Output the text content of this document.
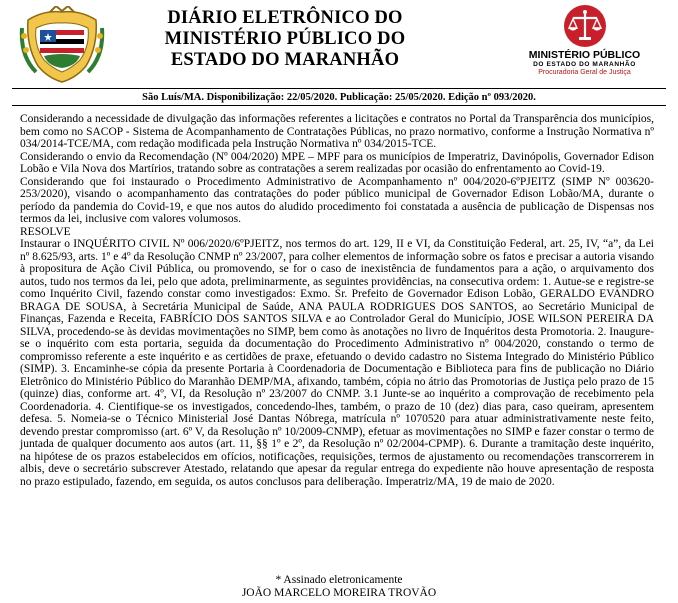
DIÁRIO ELETRÔNICO DO
MINISTÉRIO PÚBLICO DO
ESTADO DO MARANHÃO	MINISTÉRIO PÚBLICO
DO ESTADO DO MARANHÃO
Procuradoria Geral de Justiça
São Luís/MA. Disponibilização: 22/05/2020. Publicação: 25/05/2020. Edição nº 093/2020.

Considerando a necessidade de divulgação das informações referentes a licitações e contratos no Portal da Transparência dos municípios, bem como no SACOP - Sistema de Acompanhamento de Contratações Públicas, no prazo normativo, conforme a Instrução Normativa nº 034/2014-TCE/MA, com redação modificada pela Instrução Normativa nº 034/2015-TCE.

Considerando o envio da Recomendação (Nº 004/2020) MPE – MPF para os municípios de Imperatriz, Davinópolis, Governador Edison Lobão e Vila Nova dos Martírios, tratando sobre as contratações a serem realizadas por ocasião do enfrentamento ao Covid-19.

Considerando que foi instaurado o Procedimento Administrativo de Acompanhamento nº 004/2020-6ºPJEITZ (SIMP Nº 003620-253/2020), visando o acompanhamento das contratações do poder público municipal de Governador Edison Lobão/MA, durante o período da pandemia do Covid-19, e que nos autos do aludido procedimento foi constatada a ausência de publicação de Dispensas nos termos da lei, inclusive com valores volumosos.

RESOLVE

Instaurar o INQUÉRITO CIVIL Nº 006/2020/6ºPJEITZ, nos termos do art. 129, II e VI, da Constituição Federal, art. 25, IV, “a”, da Lei nº 8.625/93, arts. 1º e 4º da Resolução CNMP nº 23/2007, para colher elementos de informação sobre os fatos e precisar a autoria visando à propositura de Ação Civil Pública, ou promovendo, se for o caso de inexistência de fundamentos para a ação, o arquivamento dos autos, tudo nos termos da lei, pelo que adota, preliminarmente, as seguintes providências, na consecutiva ordem: 1. Autue-se e registre-se como Inquérito Civil, fazendo constar como investigados: Exmo. Sr. Prefeito de Governador Edison Lobão, GERALDO EVANDRO BRAGA DE SOUSA, à Secretária Municipal de Saúde, ANA PAULA RODRIGUES DOS SANTOS, ao Secretário Municipal de Finanças, Fazenda e Receita, FABRÍCIO DOS SANTOS SILVA e ao Controlador Geral do Município, JOSE WILSON PEREIRA DA SILVA, procedendo-se às devidas movimentações no SIMP, bem como às anotações no livro de Inquéritos desta Promotoria. 2. Inaugure-se o inquérito com esta portaria, seguida da documentação do Procedimento Administrativo nº 004/2020, constando o termo de compromisso referente a este inquérito e as certidões de praxe, efetuando o devido cadastro no Sistema Integrado do Ministério Público (SIMP). 3. Encaminhe-se cópia da presente Portaria à Coordenadoria de Documentação e Biblioteca para fins de publicação no Diário Eletrônico do Ministério Público do Maranhão DEMP/MA, afixando, também, cópia no átrio das Promotorias de Justiça pelo prazo de 15 (quinze) dias, conforme art. 4º, VI, da Resolução nº 23/2007 do CNMP. 3.1 Junte-se ao inquérito a comprovação de recebimento pela Coordenadoria. 4. Cientifique-se os investigados, concedendo-lhes, também, o prazo de 10 (dez) dias para, caso queiram, apresentem defesa. 5. Nomeia-se o Técnico Ministerial José Dantas Nóbrega, matrícula nº 1070520 para atuar administrativamente neste feito, devendo prestar compromisso (art. 6º V, da Resolução nº 10/2009-CNMP), efetuar as movimentações no SIMP e fazer constar o termo de juntada de qualquer documento aos autos (art. 11, §§ 1º e 2º, da Resolução nº 02/2004-CPMP). 6. Durante a tramitação deste inquérito, na hipótese de os prazos estabelecidos em ofícios, notificações, requisições, termos de ajustamento ou recomendações transcorrerem in albis, deve o secretário subscrever Atestado, relatando que apesar da regular entrega do expediente não houve apresentação de resposta no prazo estipulado, fazendo, em seguida, os autos conclusos para deliberação. Imperatriz/MA, 19 de maio de 2020.

* Assinado eletronicamente
JOÃO MARCELO MOREIRA TROVÃO
